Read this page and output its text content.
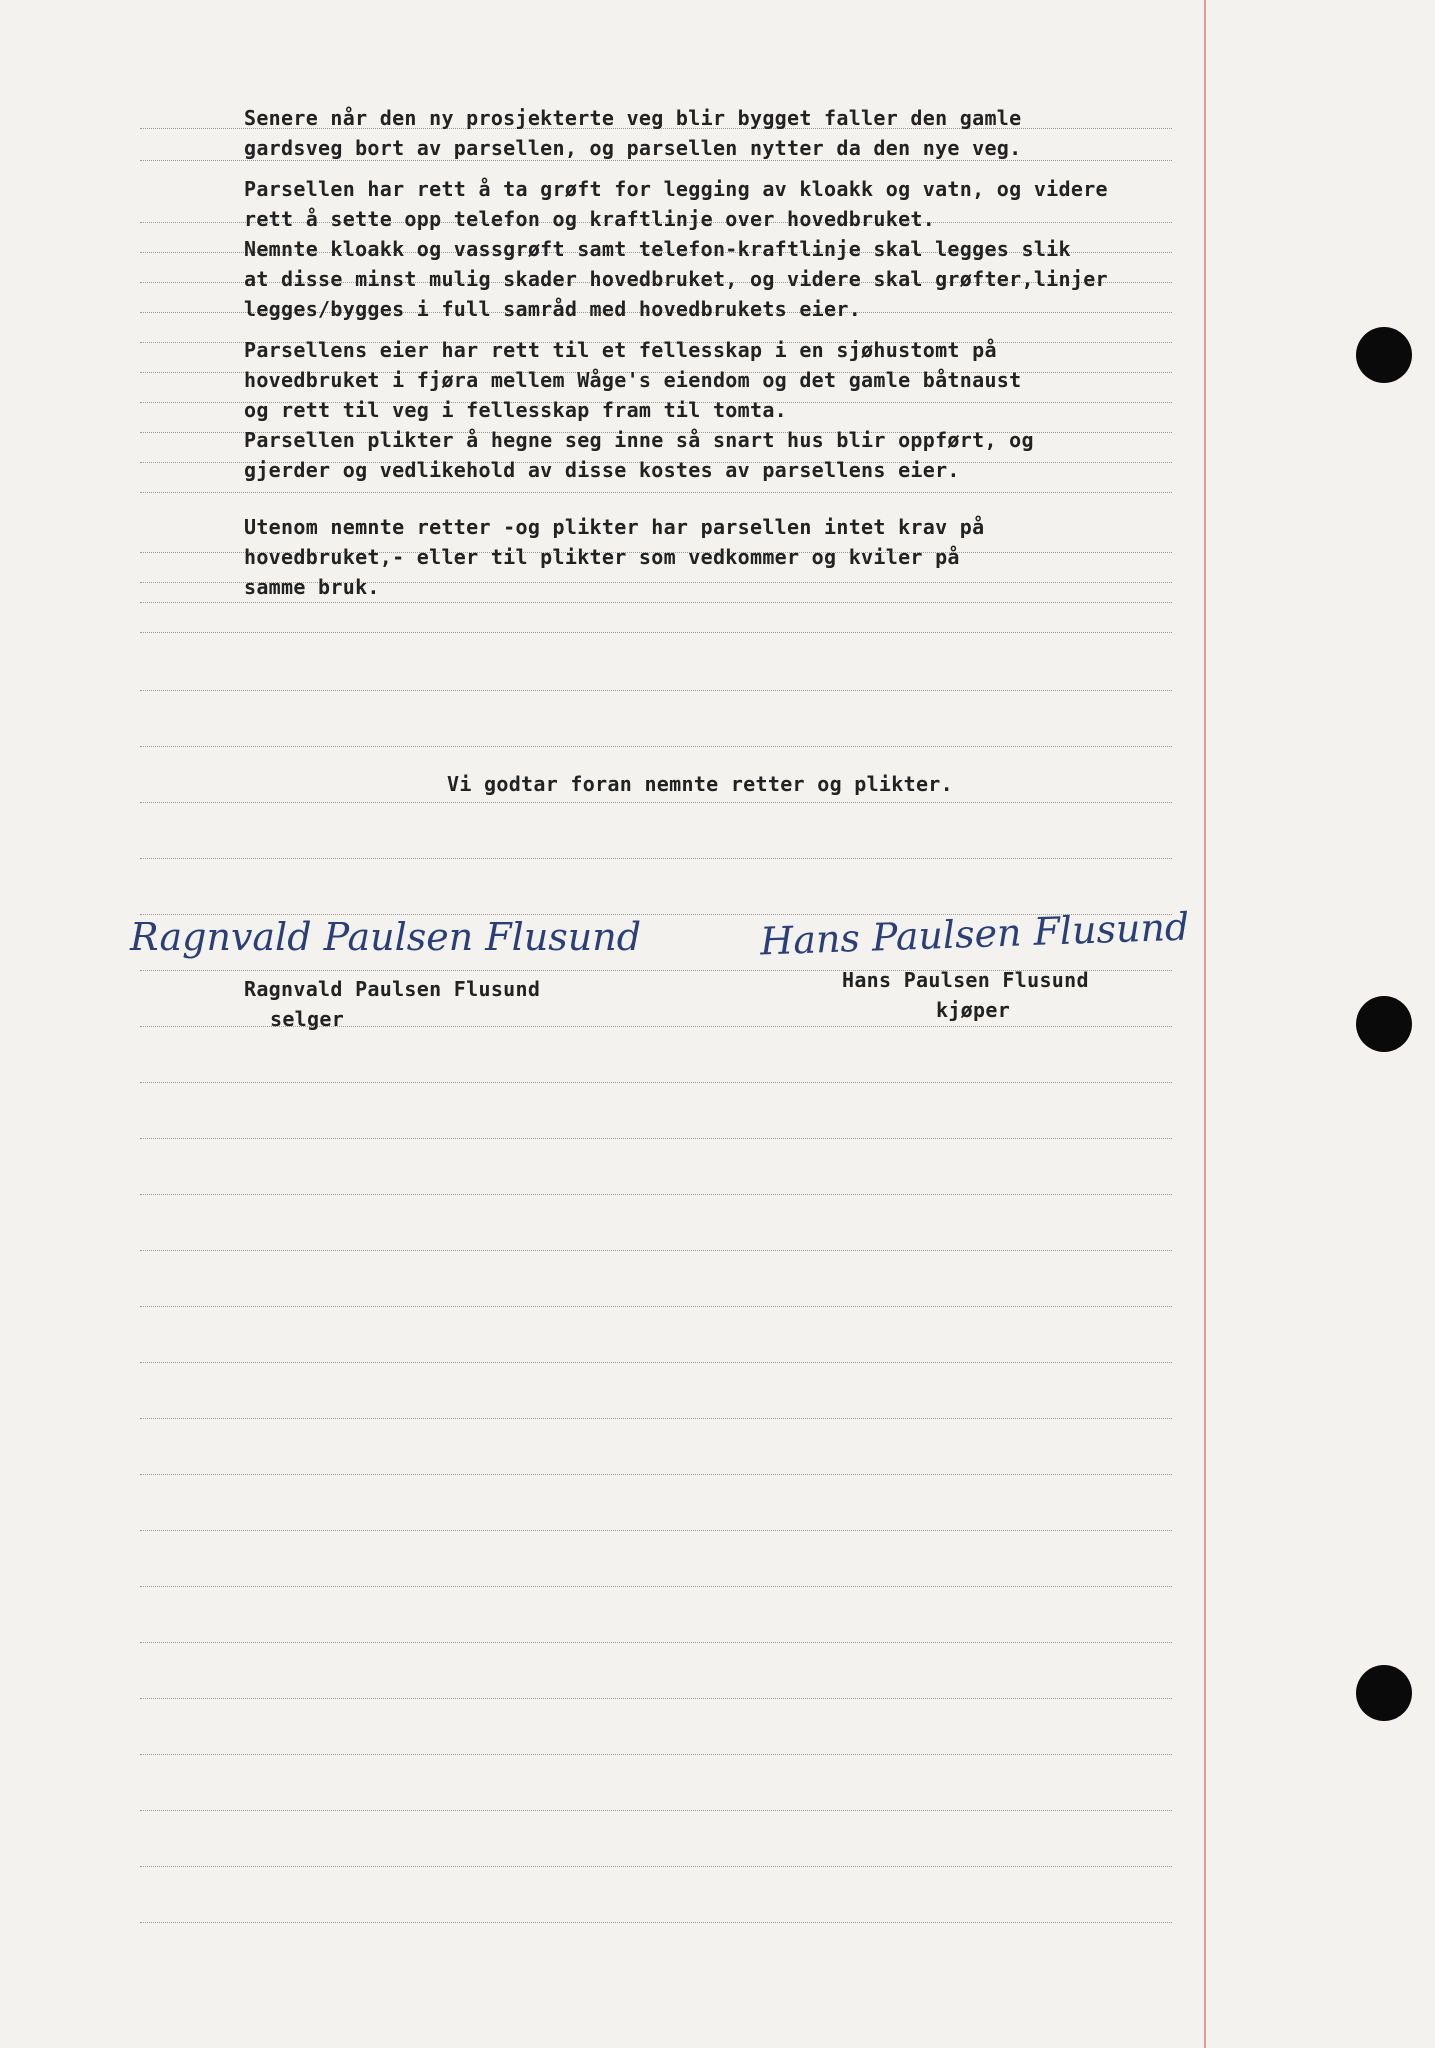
Senere når den ny prosjekterte veg blir bygget faller den gamle
gardsveg bort av parsellen, og parsellen nytter da den nye veg.
Parsellen har rett å ta grøft for legging av kloakk og vatn, og videre
rett å sette opp telefon og kraftlinje over hovedbruket.
Nemnte kloakk og vassgrøft samt telefon-kraftlinje skal legges slik
at disse minst mulig skader hovedbruket, og videre skal grøfter,linjer
legges/bygges i full samråd med hovedbrukets eier.
Parsellens eier har rett til et fellesskap i en sjøhustomt på
hovedbruket i fjøra mellem Wåge's eiendom og det gamle båtnaust
og rett til veg i fellesskap fram til tomta.
Parsellen plikter å hegne seg inne så snart hus blir oppført, og
gjerder og vedlikehold av disse kostes av parsellens eier.
Utenom nemnte retter -og plikter har parsellen intet krav på
hovedbruket,- eller til plikter som vedkommer og kviler på
samme bruk.
Vi godtar foran nemnte retter og plikter.
Ragnvald Paulsen Flusund	Hans Paulsen Flusund
Ragnvald Paulsen Flusund
selger
Hans Paulsen Flusund
kjøper
